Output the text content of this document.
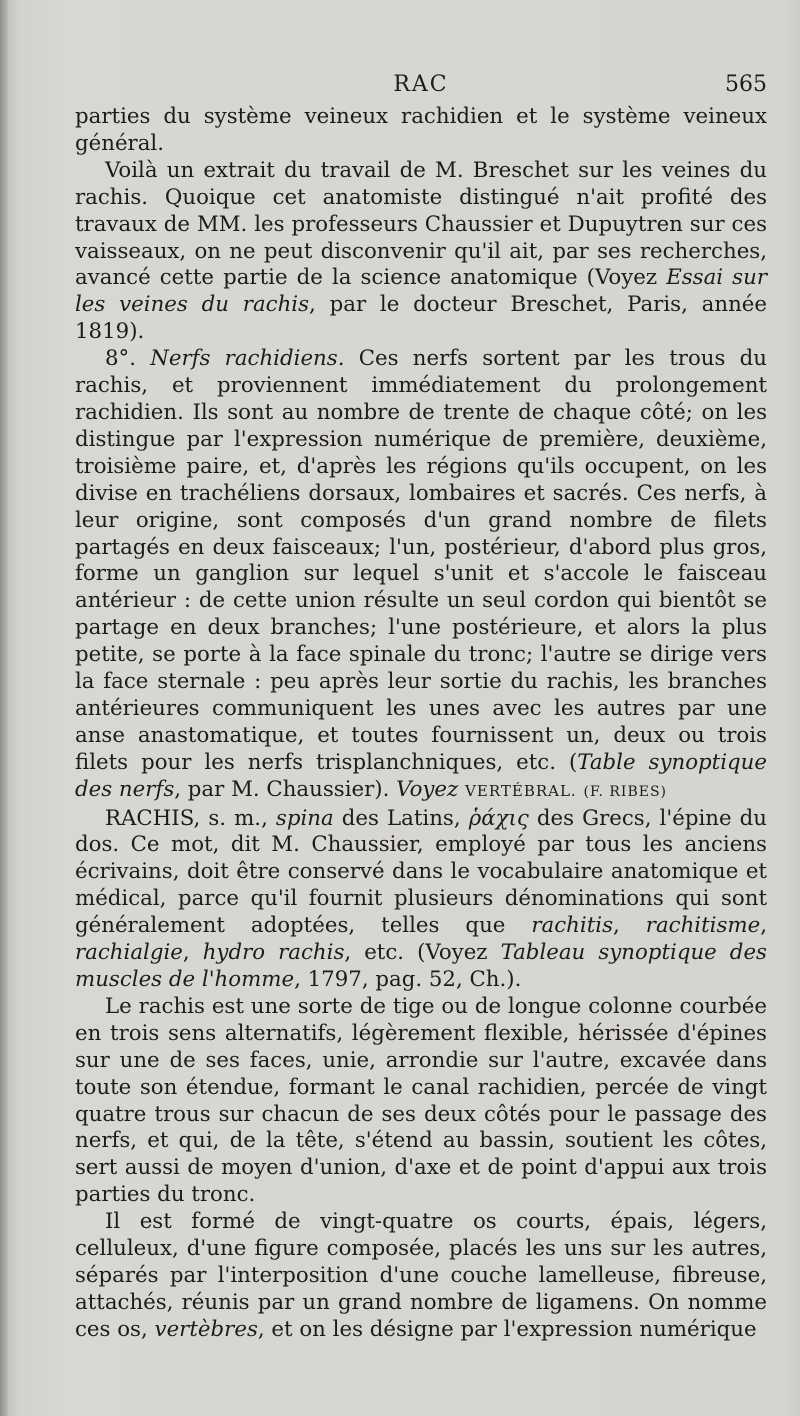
RAC	565

parties du système veineux rachidien et le système veineux général.

Voilà un extrait du travail de M. Breschet sur les veines du rachis. Quoique cet anatomiste distingué n'ait profité des travaux de MM. les professeurs Chaussier et Dupuytren sur ces vaisseaux, on ne peut disconvenir qu'il ait, par ses recherches, avancé cette partie de la science anatomique (Voyez Essai sur les veines du rachis, par le docteur Breschet, Paris, année 1819).

8°. Nerfs rachidiens. Ces nerfs sortent par les trous du rachis, et proviennent immédiatement du prolongement rachidien. Ils sont au nombre de trente de chaque côté; on les distingue par l'expression numérique de première, deuxième, troisième paire, et, d'après les régions qu'ils occupent, on les divise en trachéliens dorsaux, lombaires et sacrés. Ces nerfs, à leur origine, sont composés d'un grand nombre de filets partagés en deux faisceaux; l'un, postérieur, d'abord plus gros, forme un ganglion sur lequel s'unit et s'accole le faisceau antérieur : de cette union résulte un seul cordon qui bientôt se partage en deux branches; l'une postérieure, et alors la plus petite, se porte à la face spinale du tronc; l'autre se dirige vers la face sternale : peu après leur sortie du rachis, les branches antérieures communiquent les unes avec les autres par une anse anastomatique, et toutes fournissent un, deux ou trois filets pour les nerfs trisplanchniques, etc. (Table synoptique des nerfs, par M. Chaussier). Voyez VERTÉBRAL. (F. RIBES)

RACHIS, s. m., spina des Latins, ῥάχις des Grecs, l'épine du dos. Ce mot, dit M. Chaussier, employé par tous les anciens écrivains, doit être conservé dans le vocabulaire anatomique et médical, parce qu'il fournit plusieurs dénominations qui sont généralement adoptées, telles que rachitis, rachitisme, rachialgie, hydro rachis, etc. (Voyez Tableau synoptique des muscles de l'homme, 1797, pag. 52, Ch.).

Le rachis est une sorte de tige ou de longue colonne courbée en trois sens alternatifs, légèrement flexible, hérissée d'épines sur une de ses faces, unie, arrondie sur l'autre, excavée dans toute son étendue, formant le canal rachidien, percée de vingt quatre trous sur chacun de ses deux côtés pour le passage des nerfs, et qui, de la tête, s'étend au bassin, soutient les côtes, sert aussi de moyen d'union, d'axe et de point d'appui aux trois parties du tronc.

Il est formé de vingt-quatre os courts, épais, légers, celluleux, d'une figure composée, placés les uns sur les autres, séparés par l'interposition d'une couche lamelleuse, fibreuse, attachés, réunis par un grand nombre de ligamens. On nomme ces os, vertèbres, et on les désigne par l'expression numérique
